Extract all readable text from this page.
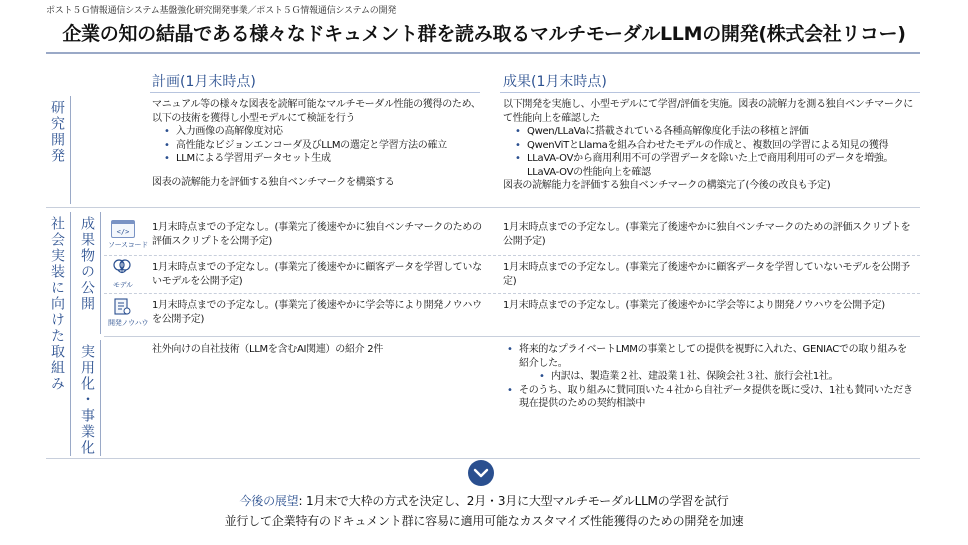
ポスト５Ｇ情報通信システム基盤強化研究開発事業／ポスト５Ｇ情報通信システムの開発
企業の知の結晶である様々なドキュメント群を読み取るマルチモーダルLLMの開発(株式会社リコー)
計画(1月末時点)	成果(1月末時点)
研究開発
社会実装に向けた取組み 成果物の公開
実用化・事業化
</>
ソースコード
モデル
開発ノウハウ
マニュアル等の様々な図表を読解可能なマルチモーダル性能の獲得のため、以下の技術を獲得し小型モデルにて検証を行う
• 入力画像の高解像度対応
• 高性能なビジョンエンコーダ及びLLMの選定と学習方法の確立
• LLMによる学習用データセット生成
図表の読解能力を評価する独自ベンチマークを構築する
以下開発を実施し、小型モデルにて学習/評価を実施。図表の読解力を測る独自ベンチマークにて性能向上を確認した
• Qwen/LLaVaに搭載されている各種高解像度化手法の移植と評価
• QwenViTとLlamaを組み合わせたモデルの作成と、複数回の学習による知見の獲得
• LLaVA-OVから商用利用不可の学習データを除いた上で商用利用可のデータを増強。LLaVA-OVの性能向上を確認
図表の読解能力を評価する独自ベンチマークの構築完了(今後の改良も予定)
1月末時点までの予定なし。(事業完了後速やかに独自ベンチマークのための評価スクリプトを公開予定)
1月末時点までの予定なし。(事業完了後速やかに独自ベンチマークのための評価スクリプトを公開予定)
1月末時点までの予定なし。(事業完了後速やかに顧客データを学習していないモデルを公開予定)
1月末時点までの予定なし。(事業完了後速やかに顧客データを学習していないモデルを公開予定)
1月末時点までの予定なし。(事業完了後速やかに学会等により開発ノウハウを公開予定)
1月末時点までの予定なし。(事業完了後速やかに学会等により開発ノウハウを公開予定)
社外向けの自社技術（LLMを含むAI関連）の紹介 2件
•	将来的なプライベートLMMの事業としての提供を視野に入れた、GENIACでの取り組みを紹介した。
• 内訳は、製造業２社、建設業１社、保険会社３社、旅行会社1社。
• そのうち、取り組みに賛同頂いた４社から自社データ提供を既に受け、1社も賛同いただき現在提供のための契約相談中
今後の展望: 1月末で大枠の方式を決定し、2月・3月に大型マルチモーダルLLMの学習を試行
並行して企業特有のドキュメント群に容易に適用可能なカスタマイズ性能獲得のための開発を加速
